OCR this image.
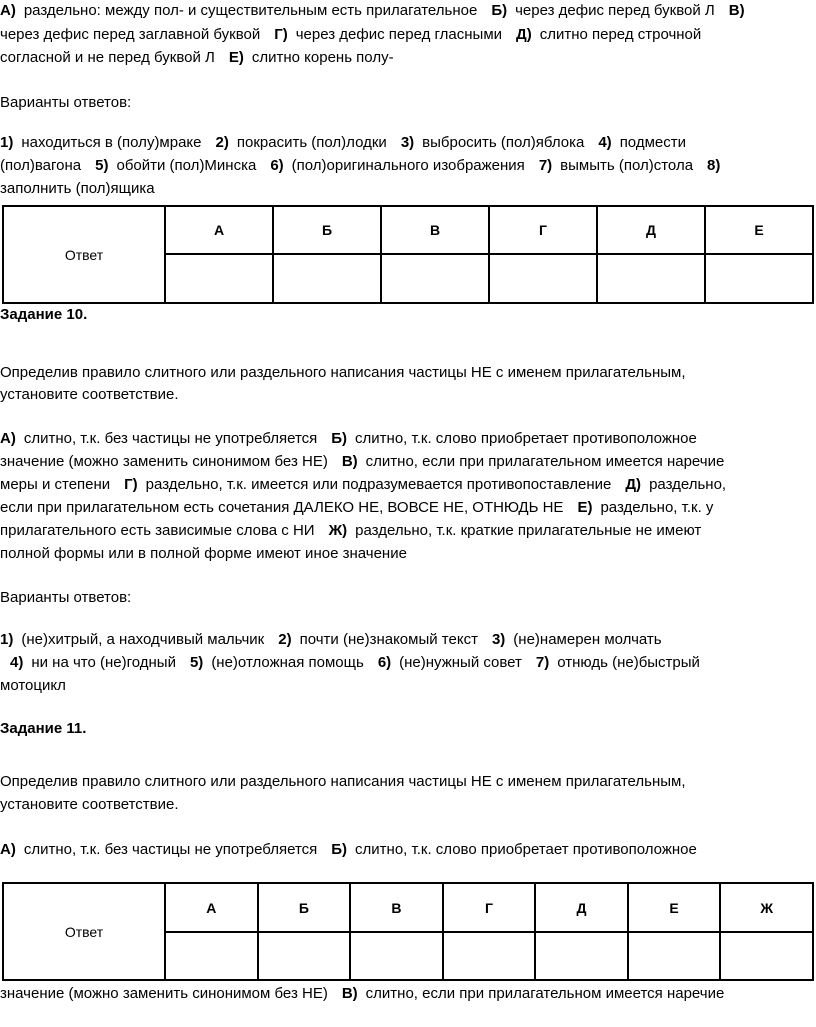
А) раздельно: между пол- и существительным есть прилагательное Б) через дефис перед буквой Л В)
через дефис перед заглавной буквой Г) через дефис перед гласными Д) слитно перед строчной
согласной и не перед буквой Л Е) слитно корень полу-
Варианты ответов:
1) находиться в (полу)мраке 2) покрасить (пол)лодки 3) выбросить (пол)яблока 4) подмести
(пол)вагона 5) обойти (пол)Минска 6) (пол)оригинального изображения 7) вымыть (пол)стола 8)
заполнить (пол)ящика
Ответ	А	Б	В	Г	Д	Е

Задание 10.
Определив правило слитного или раздельного написания частицы НЕ с именем прилагательным,
установите соответствие.
А) слитно, т.к. без частицы не употребляется Б) слитно, т.к. слово приобретает противоположное
значение (можно заменить синонимом без НЕ) В) слитно, если при прилагательном имеется наречие
меры и степени Г) раздельно, т.к. имеется или подразумевается противопоставление Д) раздельно,
если при прилагательном есть сочетания ДАЛЕКО НЕ, ВОВСЕ НЕ, ОТНЮДЬ НЕ Е) раздельно, т.к. у
прилагательного есть зависимые слова с НИ Ж) раздельно, т.к. краткие прилагательные не имеют
полной формы или в полной форме имеют иное значение
Варианты ответов:
1) (не)хитрый, а находчивый мальчик 2) почти (не)знакомый текст 3) (не)намерен молчать
4) ни на что (не)годный 5) (не)отложная помощь 6) (не)нужный совет 7) отнюдь (не)быстрый
мотоцикл
Задание 11.
Определив правило слитного или раздельного написания частицы НЕ с именем прилагательным,
установите соответствие.
А) слитно, т.к. без частицы не употребляется Б) слитно, т.к. слово приобретает противоположное
Ответ	А	Б	В	Г	Д	Е	Ж

значение (можно заменить синонимом без НЕ) В) слитно, если при прилагательном имеется наречие
